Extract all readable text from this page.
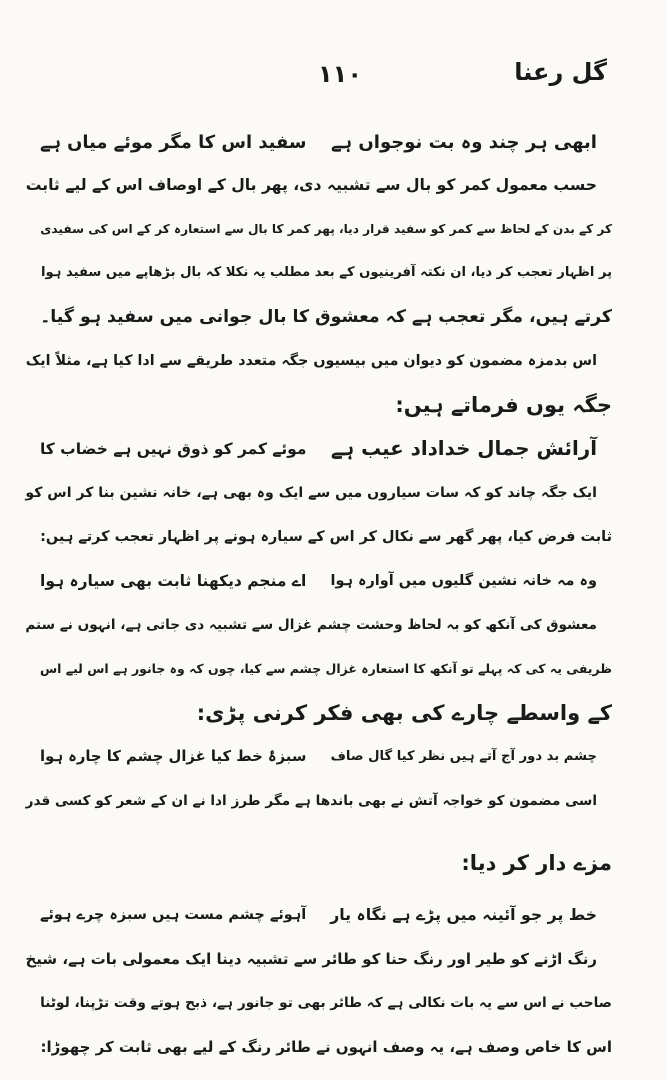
گل رعنا
۱۱۰
ابھی ہر چند وہ بت نوجواں ہے
سفید اس کا مگر موئے میاں ہے
حسب معمول کمر کو بال سے تشبیہ دی، پھر بال کے اوصاف اس کے لیے ثابت
کر کے بدن کے لحاظ سے کمر کو سفید قرار دیا، پھر کمر کا بال سے استعارہ کر کے اس کی سفیدی
پر اظہار تعجب کر دیا، ان نکتہ آفرینیوں کے بعد مطلب یہ نکلا کہ بال بڑھاپے میں سفید ہوا
کرتے ہیں، مگر تعجب ہے کہ معشوق کا بال جوانی میں سفید ہو گیا۔
اس بدمزہ مضمون کو دیوان میں بیسیوں جگہ متعدد طریقے سے ادا کیا ہے، مثلاً ایک
جگہ یوں فرماتے ہیں:
آرائش جمال خداداد عیب ہے
موئے کمر کو ذوق نہیں ہے خضاب کا
ایک جگہ چاند کو کہ سات سیاروں میں سے ایک وہ بھی ہے، خانہ نشین بنا کر اس کو
ثابت فرض کیا، پھر گھر سے نکال کر اس کے سیارہ ہونے پر اظہار تعجب کرتے ہیں:
وہ مہ خانہ نشین گلیوں میں آوارہ ہوا
اے منجم دیکھنا ثابت بھی سیارہ ہوا
معشوق کی آنکھ کو بہ لحاظ وحشت چشم غزال سے تشبیہ دی جاتی ہے، انہوں نے ستم
ظریفی یہ کی کہ پہلے تو آنکھ کا استعارہ غزال چشم سے کیا، چوں کہ وہ جانور ہے اس لیے اس
کے واسطے چارے کی بھی فکر کرنی پڑی:
چشم بد دور آج آتے ہیں نظر کیا گال صاف
سبزۂ خط کیا غزال چشم کا چارہ ہوا
اسی مضمون کو خواجہ آتش نے بھی باندھا ہے مگر طرز ادا نے ان کے شعر کو کسی قدر
مزے دار کر دیا:
خط پر جو آئینہ میں پڑے ہے نگاہ یار
آہوئے چشم مست ہیں سبزہ چرے ہوئے
رنگ اڑنے کو طیر اور رنگ حنا کو طائر سے تشبیہ دینا ایک معمولی بات ہے، شیخ
صاحب نے اس سے یہ بات نکالی ہے کہ طائر بھی تو جانور ہے، ذبح ہوتے وقت تڑپنا، لوٹنا
اس کا خاص وصف ہے، یہ وصف انہوں نے طائر رنگ کے لیے بھی ثابت کر چھوڑا:
